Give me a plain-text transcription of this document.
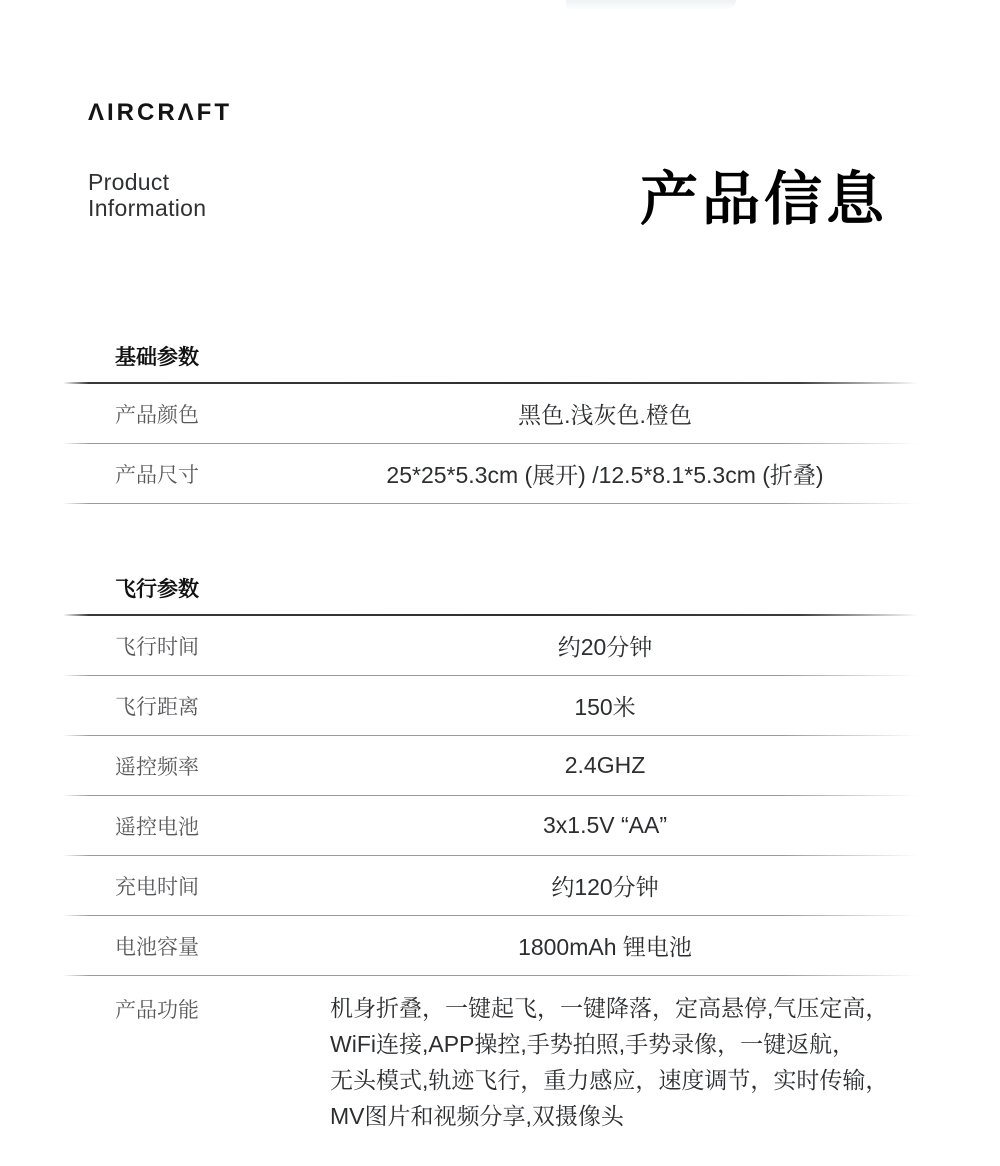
ΛIRCRΛFT
Product
Information	产品信息
基础参数
产品颜色	黑色.浅灰色.橙色
产品尺寸	25*25*5.3cm (展开) /12.5*8.1*5.3cm (折叠)
飞行参数
飞行时间	约20分钟
飞行距离	150米
遥控频率	2.4GHZ
遥控电池	3x1.5V “AA”
充电时间	约120分钟
电池容量	1800mAh 锂电池
产品功能	机身折叠，一键起飞，一键降落，定高悬停,气压定高，
WiFi连接,APP操控,手势拍照,手势录像，一键返航，
无头模式,轨迹飞行，重力感应，速度调节，实时传输，
MV图片和视频分享,双摄像头
